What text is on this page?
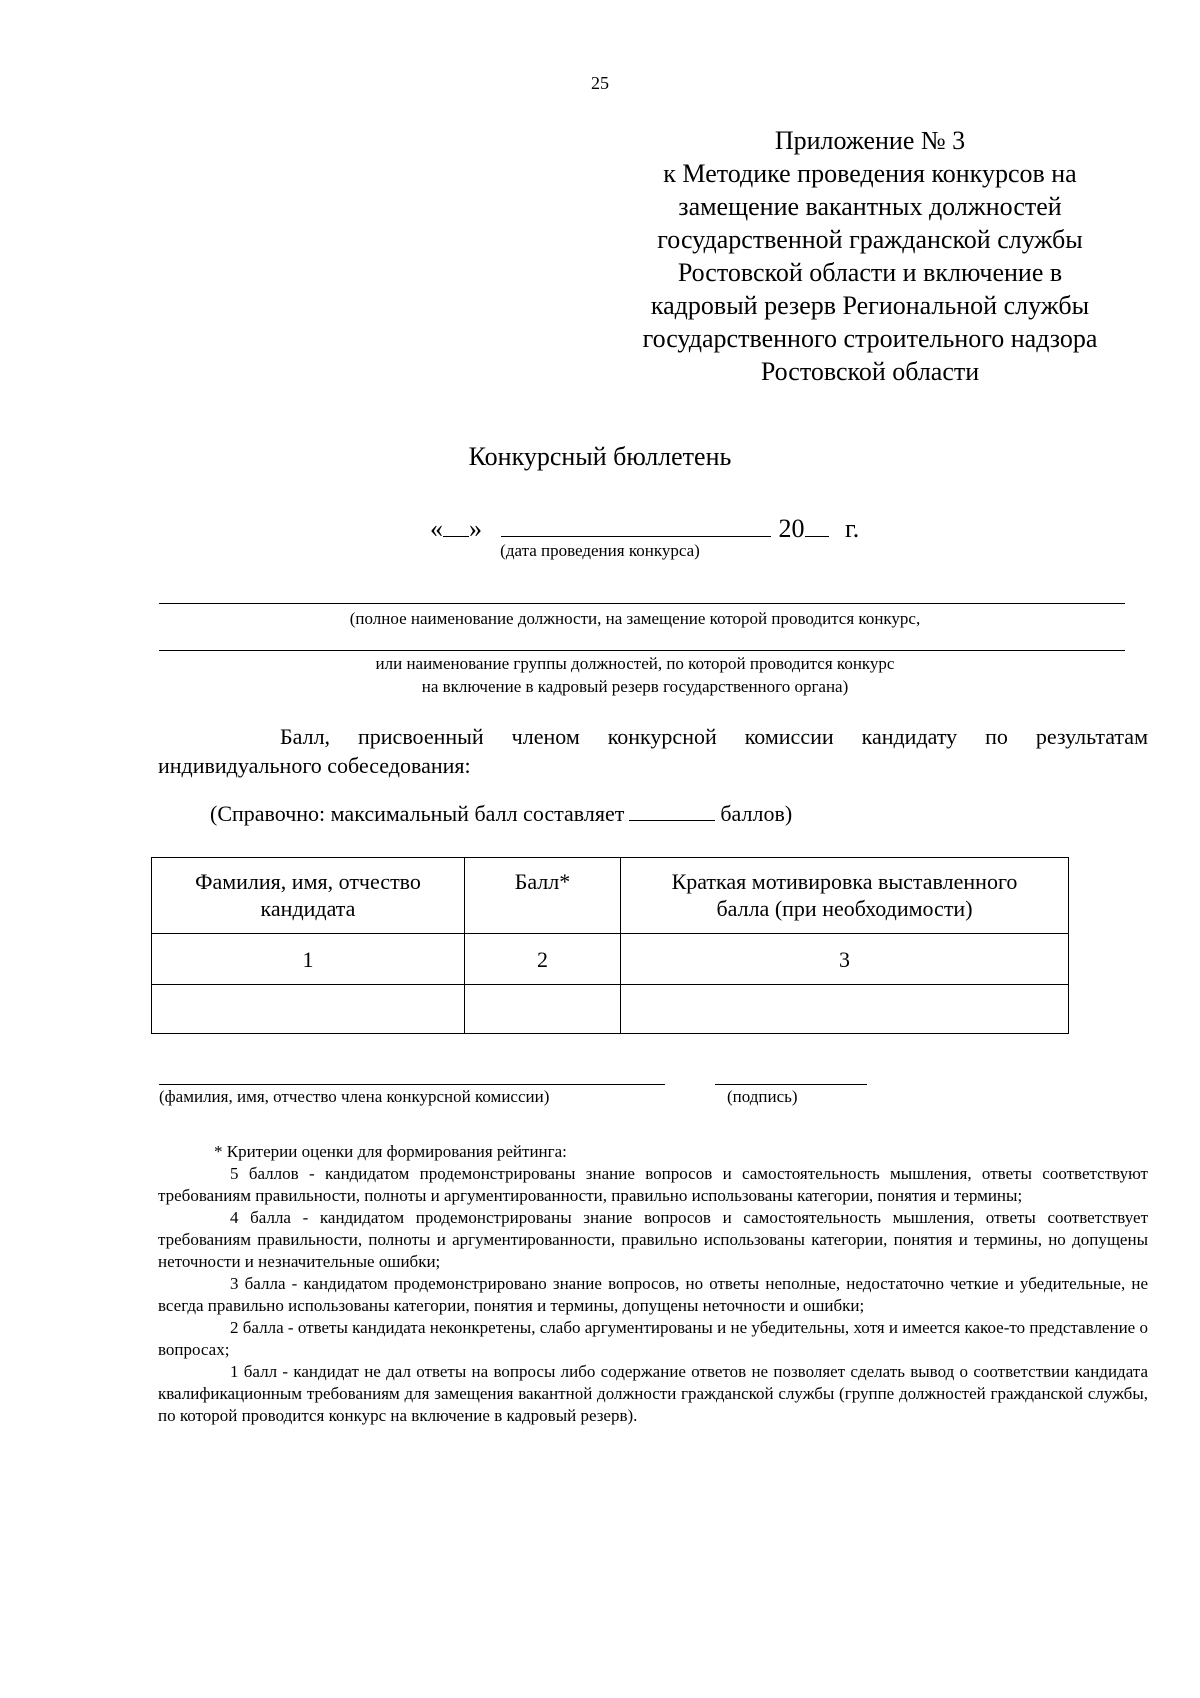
25
Приложение № 3
к Методике проведения конкурсов на
замещение вакантных должностей
государственной гражданской службы
Ростовской области и включение в
кадровый резерв Региональной службы
государственного строительного надзора
Ростовской области
Конкурсный бюллетень
« »	20 г.
(дата проведения конкурса)
(полное наименование должности, на замещение которой проводится конкурс,
или наименование группы должностей, по которой проводится конкурс
на включение в кадровый резерв государственного органа)
Балл, присвоенный членом конкурсной комиссии кандидату по результатам индивидуального собеседования:
(Справочно: максимальный балл составляет	баллов)
Фамилия, имя, отчество кандидата	Балл*	Краткая мотивировка выставленного балла (при необходимости)

1	2	3

(фамилия, имя, отчество члена конкурсной комиссии)	(подпись)

* Критерии оценки для формирования рейтинга:

5 баллов - кандидатом продемонстрированы знание вопросов и самостоятельность мышления, ответы соответствуют требованиям правильности, полноты и аргументированности, правильно использованы категории, понятия и термины;

4 балла - кандидатом продемонстрированы знание вопросов и самостоятельность мышления, ответы соответствует требованиям правильности, полноты и аргументированности, правильно использованы категории, понятия и термины, но допущены неточности и незначительные ошибки;

3 балла - кандидатом продемонстрировано знание вопросов, но ответы неполные, недостаточно четкие и убедительные, не всегда правильно использованы категории, понятия и термины, допущены неточности и ошибки;

2 балла - ответы кандидата неконкретены, слабо аргументированы и не убедительны, хотя и имеется какое-то представление о вопросах;

1 балл - кандидат не дал ответы на вопросы либо содержание ответов не позволяет сделать вывод о соответствии кандидата квалификационным требованиям для замещения вакантной должности гражданской службы (группе должностей гражданской службы, по которой проводится конкурс на включение в кадровый резерв).
